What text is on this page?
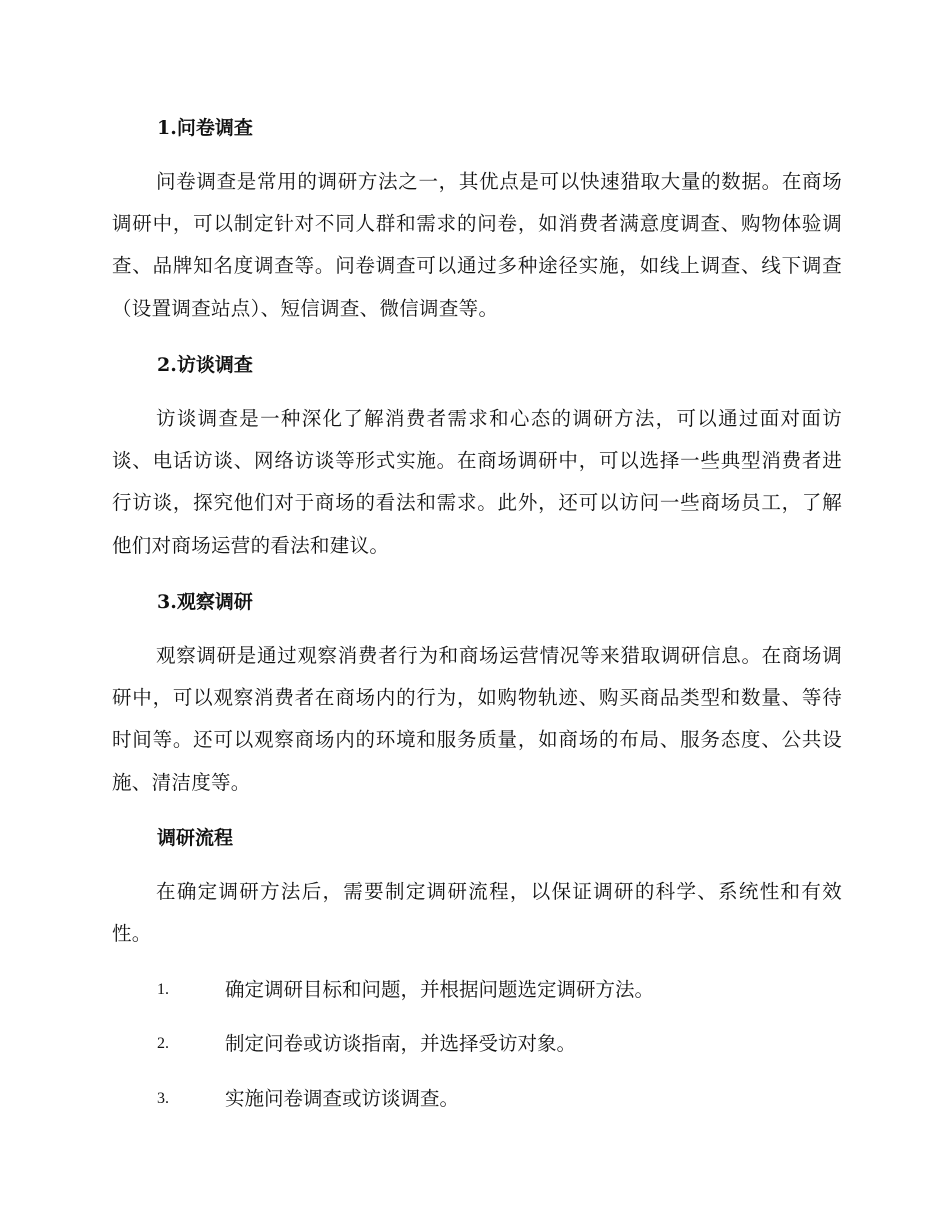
1.问卷调查

问卷调查是常用的调研方法之一，其优点是可以快速猎取大量的数据。在商场调研中，可以制定针对不同人群和需求的问卷，如消费者满意度调查、购物体验调查、品牌知名度调查等。问卷调查可以通过多种途径实施，如线上调查、线下调查（设置调查站点）、短信调查、微信调查等。

2.访谈调查

访谈调查是一种深化了解消费者需求和心态的调研方法，可以通过面对面访谈、电话访谈、网络访谈等形式实施。在商场调研中，可以选择一些典型消费者进行访谈，探究他们对于商场的看法和需求。此外，还可以访问一些商场员工，了解他们对商场运营的看法和建议。

3.观察调研

观察调研是通过观察消费者行为和商场运营情况等来猎取调研信息。在商场调研中，可以观察消费者在商场内的行为，如购物轨迹、购买商品类型和数量、等待时间等。还可以观察商场内的环境和服务质量，如商场的布局、服务态度、公共设施、清洁度等。

调研流程

在确定调研方法后，需要制定调研流程，以保证调研的科学、系统性和有效性。

1.	确定调研目标和问题，并根据问题选定调研方法。
2.	制定问卷或访谈指南，并选择受访对象。
3.	实施问卷调查或访谈调查。
